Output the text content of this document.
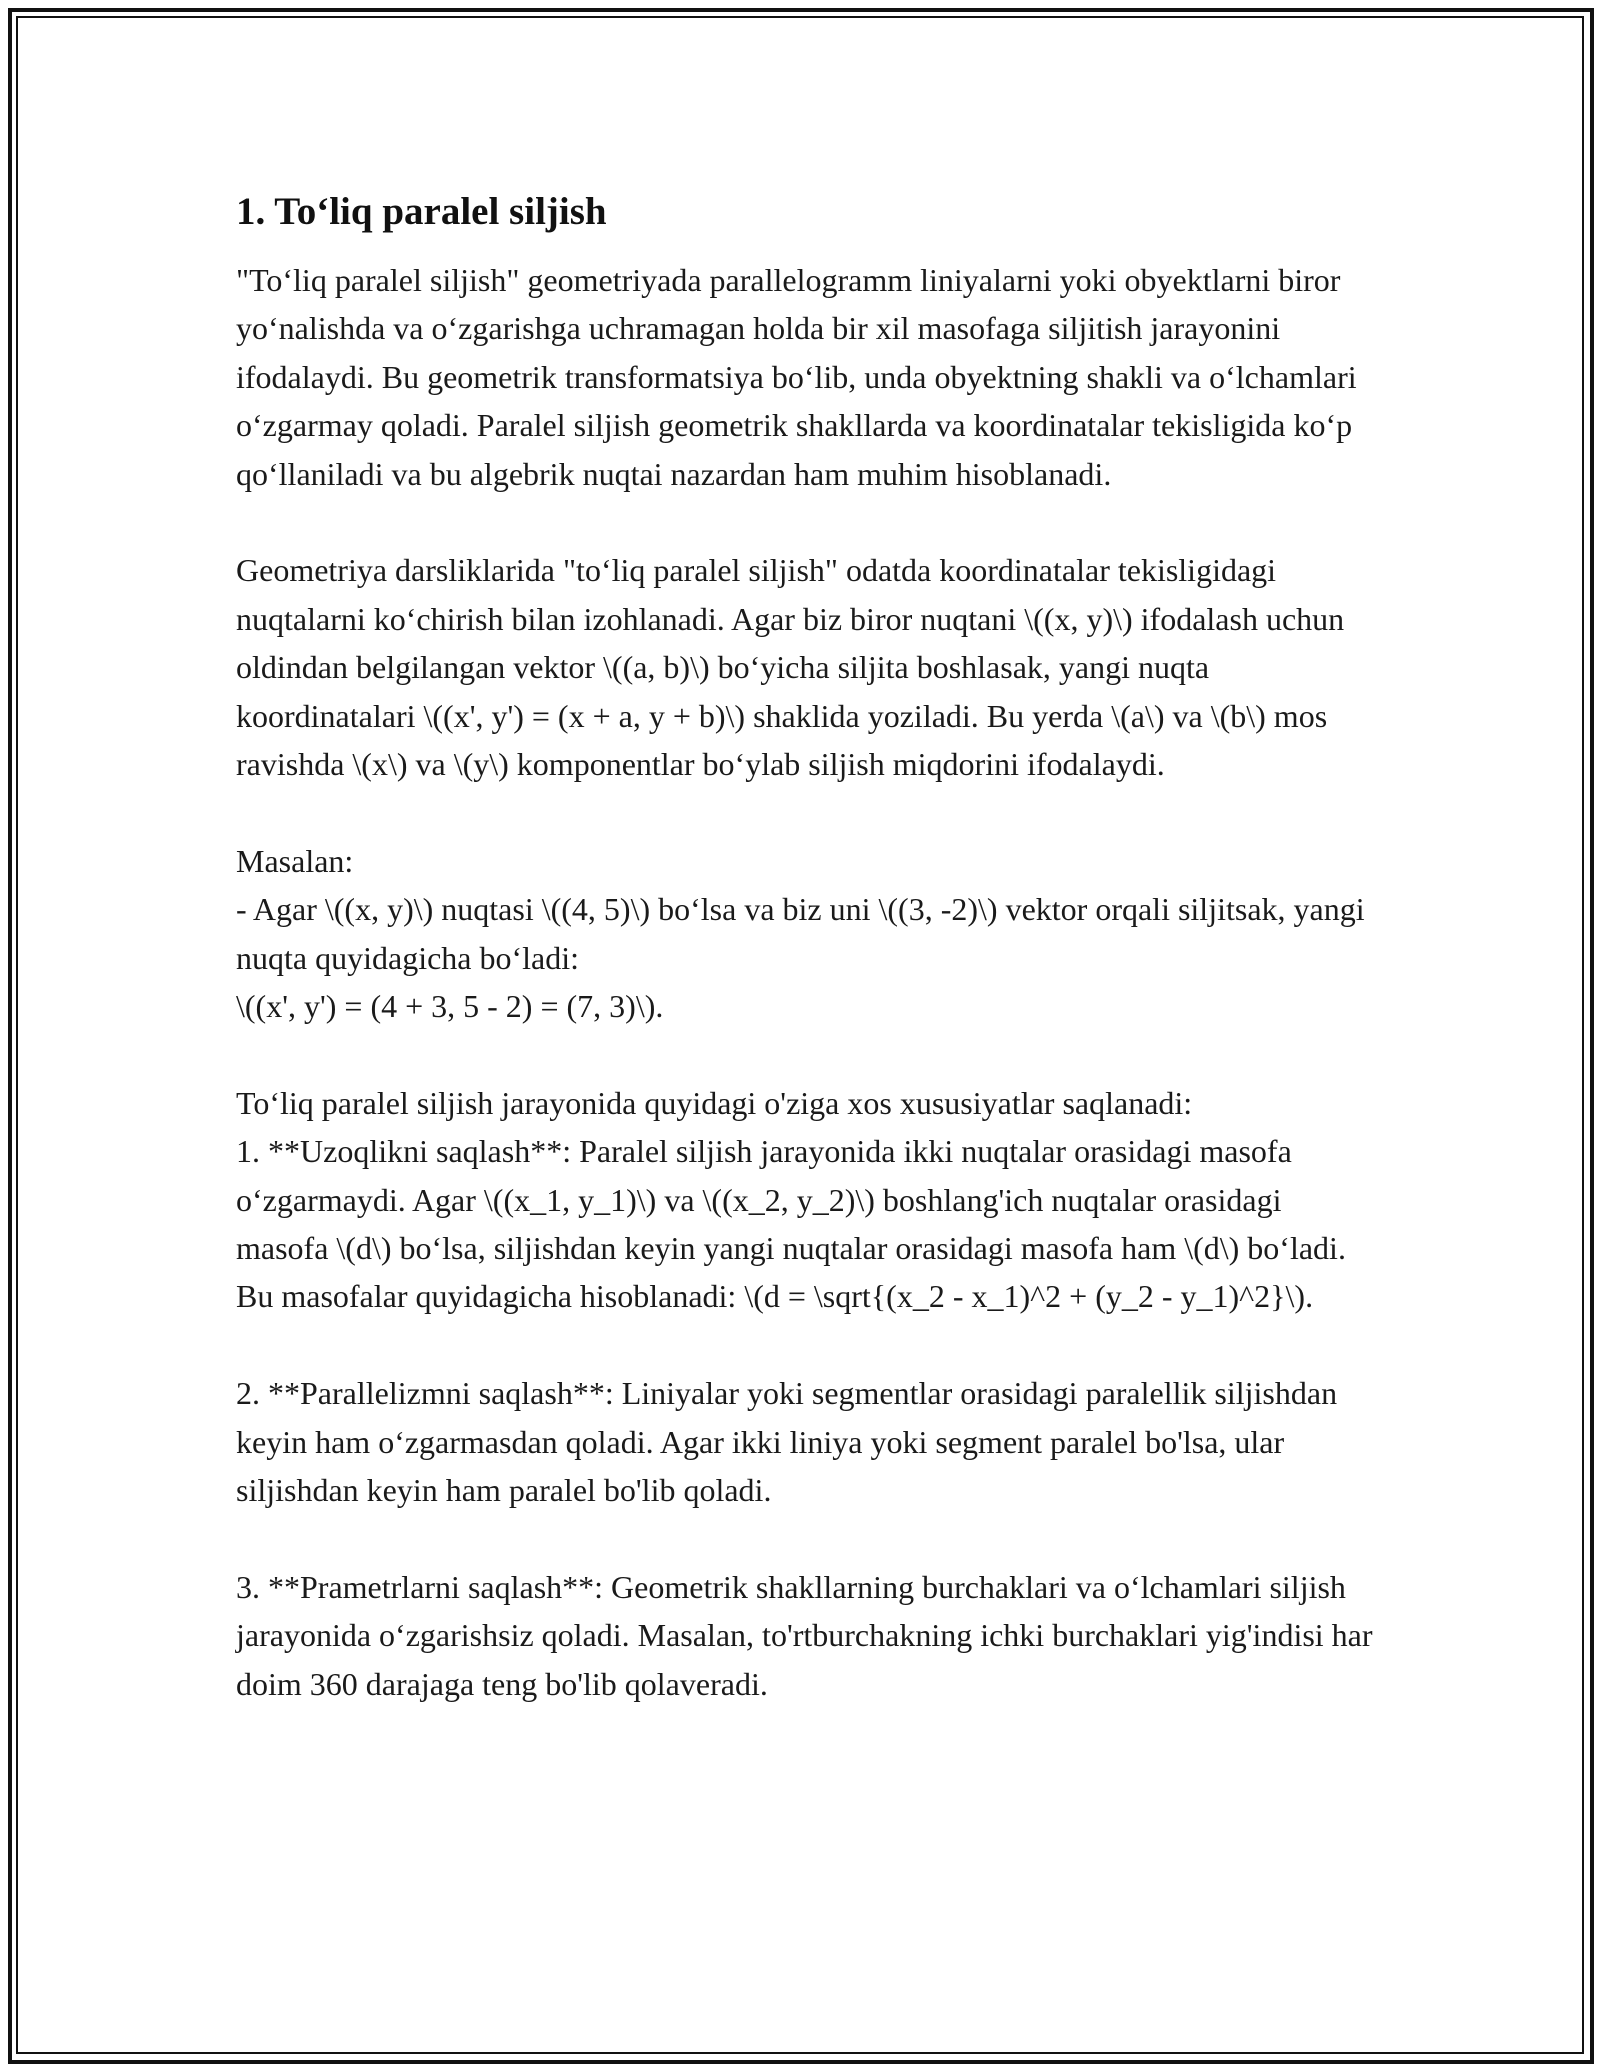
1. To‘liq paralel siljish

"To‘liq paralel siljish" geometriyada parallelogramm liniyalarni yoki obyektlarni biror yo‘nalishda va o‘zgarishga uchramagan holda bir xil masofaga siljitish jarayonini ifodalaydi. Bu geometrik transformatsiya bo‘lib, unda obyektning shakli va o‘lchamlari o‘zgarmay qoladi. Paralel siljish geometrik shakllarda va koordinatalar tekisligida ko‘p qo‘llaniladi va bu algebrik nuqtai nazardan ham muhim hisoblanadi.

Geometriya darsliklarida "to‘liq paralel siljish" odatda koordinatalar tekisligidagi nuqtalarni ko‘chirish bilan izohlanadi. Agar biz biror nuqtani \((x, y)\) ifodalash uchun oldindan belgilangan vektor \((a, b)\) bo‘yicha siljita boshlasak, yangi nuqta koordinatalari \((x', y') = (x + a, y + b)\) shaklida yoziladi. Bu yerda \(a\) va \(b\) mos ravishda \(x\) va \(y\) komponentlar bo‘ylab siljish miqdorini ifodalaydi.

Masalan:
- Agar \((x, y)\) nuqtasi \((4, 5)\) bo‘lsa va biz uni \((3, -2)\) vektor orqali siljitsak, yangi nuqta quyidagicha bo‘ladi:
\((x', y') = (4 + 3, 5 - 2) = (7, 3)\).

To‘liq paralel siljish jarayonida quyidagi o'ziga xos xususiyatlar saqlanadi:
1. **Uzoqlikni saqlash**: Paralel siljish jarayonida ikki nuqtalar orasidagi masofa o‘zgarmaydi. Agar \((x_1, y_1)\) va \((x_2, y_2)\) boshlang'ich nuqtalar orasidagi masofa \(d\) bo‘lsa, siljishdan keyin yangi nuqtalar orasidagi masofa ham \(d\) bo‘ladi. Bu masofalar quyidagicha hisoblanadi: \(d = \sqrt{(x_2 - x_1)^2 + (y_2 - y_1)^2}\).

2. **Parallelizmni saqlash**: Liniyalar yoki segmentlar orasidagi paralellik siljishdan keyin ham o‘zgarmasdan qoladi. Agar ikki liniya yoki segment paralel bo'lsa, ular siljishdan keyin ham paralel bo'lib qoladi.

3. **Prametrlarni saqlash**: Geometrik shakllarning burchaklari va o‘lchamlari siljish jarayonida o‘zgarishsiz qoladi. Masalan, to'rtburchakning ichki burchaklari yig'indisi har doim 360 darajaga teng bo'lib qolaveradi.
